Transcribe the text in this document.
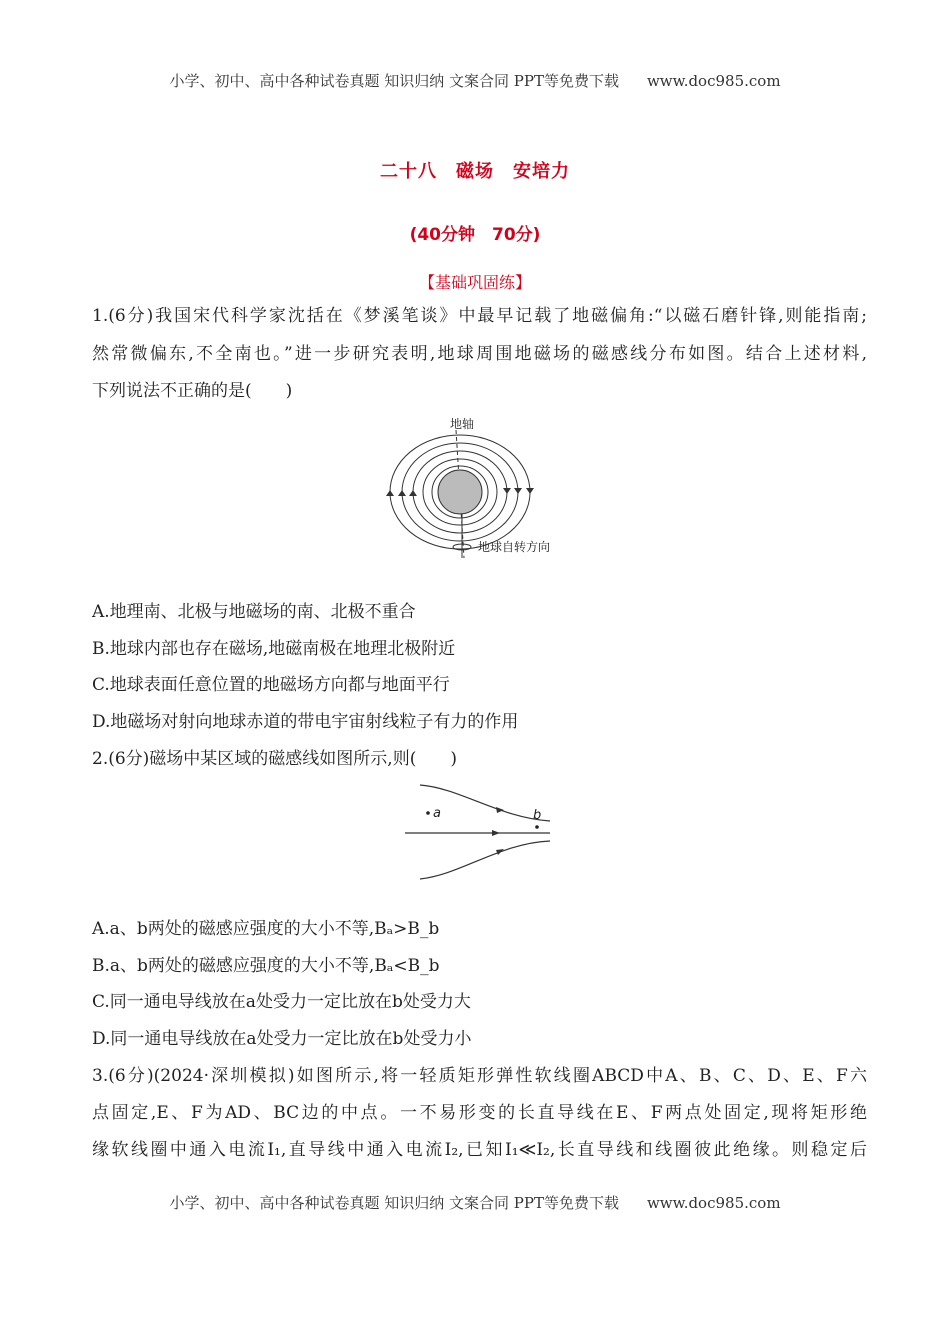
小学、初中、高中各种试卷真题 知识归纳 文案合同 PPT等免费下载 www.doc985.com
二十八　磁场　安培力
(40分钟　70分)
【基础巩固练】
1.(6分)我国宋代科学家沈括在《梦溪笔谈》中最早记载了地磁偏角:“以磁石磨针锋,则能指南;
然常微偏东,不全南也。”进一步研究表明,地球周围地磁场的磁感线分布如图。结合上述材料,
下列说法不正确的是(　　)
地轴
地球自转方向
A.地理南、北极与地磁场的南、北极不重合
B.地球内部也存在磁场,地磁南极在地理北极附近
C.地球表面任意位置的地磁场方向都与地面平行
D.地磁场对射向地球赤道的带电宇宙射线粒子有力的作用
2.(6分)磁场中某区域的磁感线如图所示,则(　　)
a	b
A.a、b两处的磁感应强度的大小不等,Bₐ>B_b
B.a、b两处的磁感应强度的大小不等,Bₐ<B_b
C.同一通电导线放在a处受力一定比放在b处受力大
D.同一通电导线放在a处受力一定比放在b处受力小
3.(6分)(2024·深圳模拟)如图所示,将一轻质矩形弹性软线圈ABCD中A、B、C、D、E、F六
点固定,E、F为AD、BC边的中点。一不易形变的长直导线在E、F两点处固定,现将矩形绝
缘软线圈中通入电流I₁,直导线中通入电流I₂,已知I₁≪I₂,长直导线和线圈彼此绝缘。则稳定后
小学、初中、高中各种试卷真题 知识归纳 文案合同 PPT等免费下载 www.doc985.com
